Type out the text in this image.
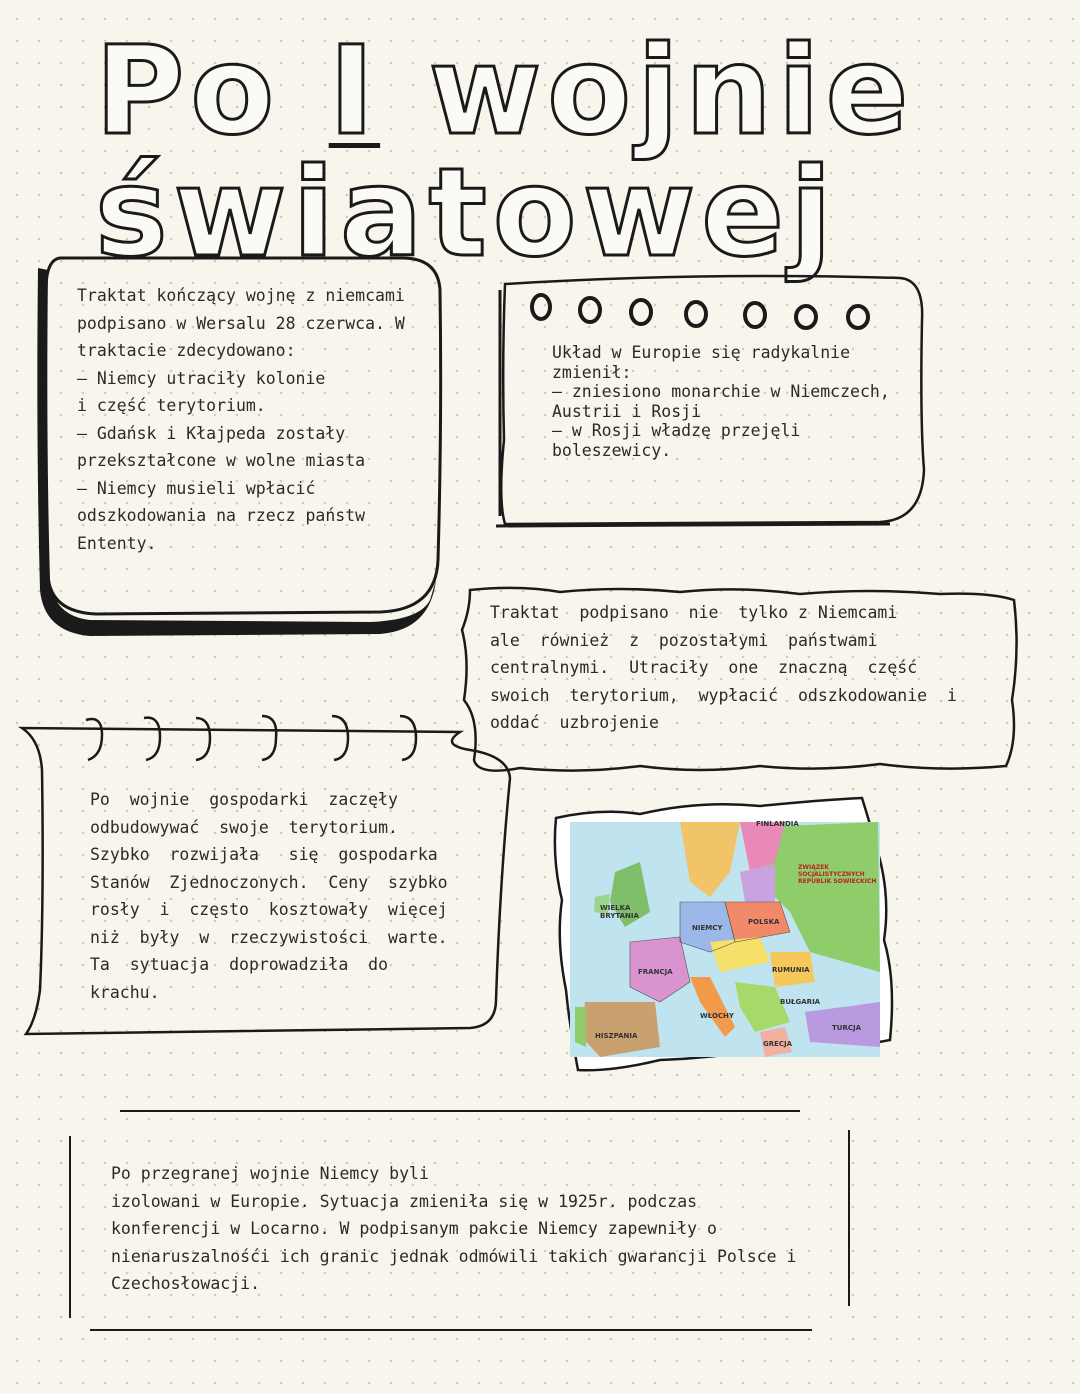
Po I wojnie światowej
Traktat kończący wojnę z niemcami
podpisano w Wersalu 28 czerwca. W
traktacie zdecydowano:
– Niemcy utraciły kolonie
i część terytorium.
– Gdańsk i Kłajpeda zostały
przekształcone w wolne miasta
– Niemcy musieli wpłacić
odszkodowania na rzecz państw
Ententy.
Układ w Europie się radykalnie
zmienił:
– zniesiono monarchie w Niemczech,
Austrii i Rosji
– w Rosji władzę przejęli
boleszewicy.
Traktat  podpisano  nie  tylko z Niemcami
ale  również  z  pozostałymi  państwami
centralnymi.  Utraciły  one  znaczną  część
swoich  terytorium,  wypłacić  odszkodowanie  i
oddać  uzbrojenie
Po  wojnie  gospodarki  zaczęły
odbudowywać  swoje  terytorium.
Szybko  rozwijała   się  gospodarka
Stanów  Zjednoczonych.  Ceny  szybko
rosły  i  często  kosztowały  więcej
niż  były  w  rzeczywistości  warte.
Ta  sytuacja  doprowadziła  do
krachu.
Po przegranej wojnie Niemcy byli
izolowani w Europie. Sytuacja zmieniła się w 1925r. podczas
konferencji w Locarno. W podpisanym pakcie Niemcy zapewniły o
nienaruszalnośći ich granic jednak odmówili takich gwarancji Polsce i
Czechosłowacji.
FINLANDIA
ZWIĄZEK SOCJALISTYCZNYCH REPUBLIK SOWIECKICH
POLSKA
NIEMCY
FRANCJA
HISZPANIA
WŁOCHY
RUMUNIA
TURCJA
GRECJA
BUŁGARIA
WIELKA BRYTANIA
